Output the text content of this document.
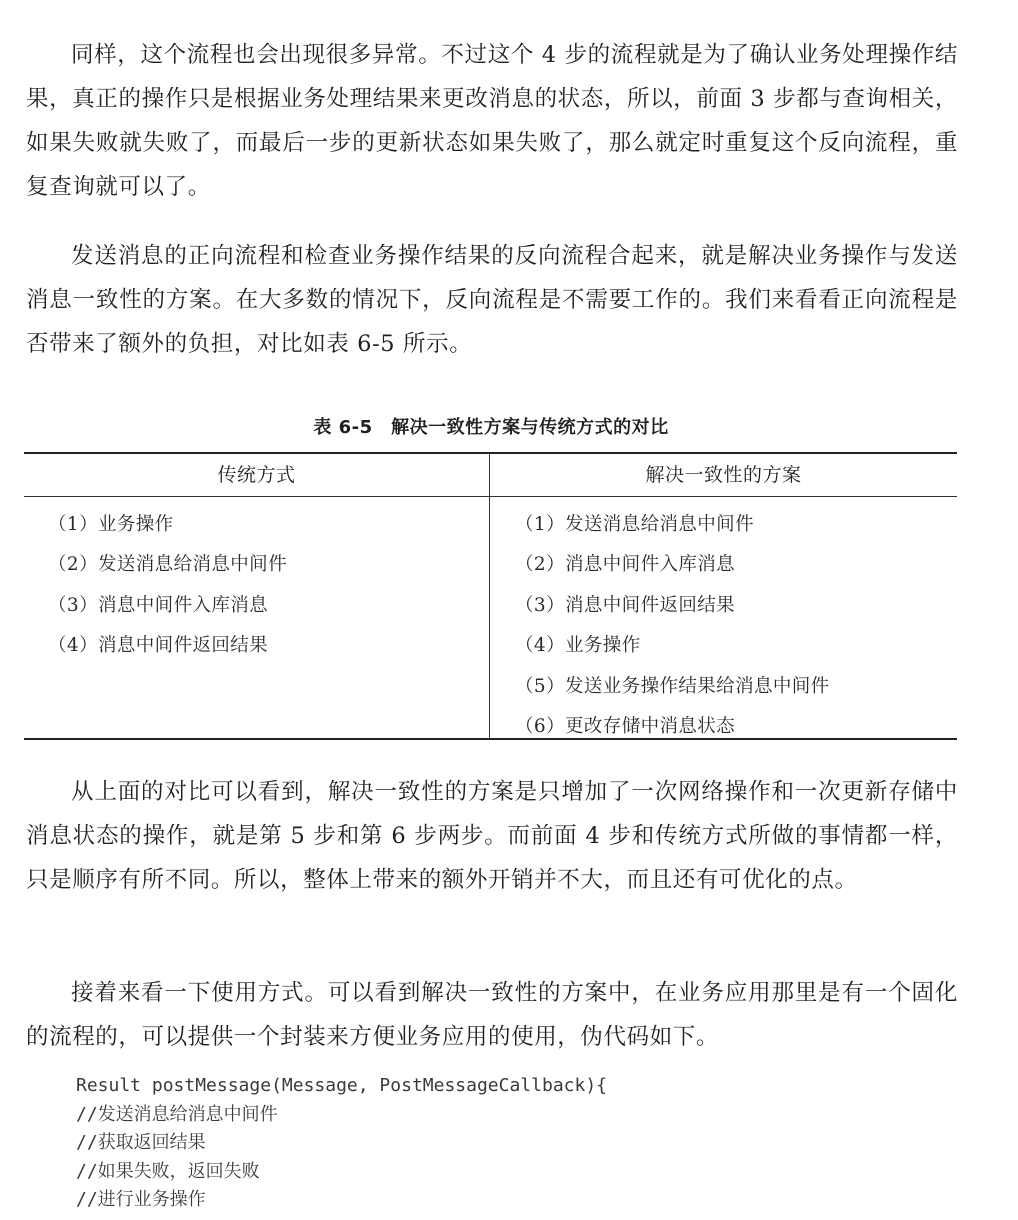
同样，这个流程也会出现很多异常。不过这个 4 步的流程就是为了确认业务处理操作结果，真正的操作只是根据业务处理结果来更改消息的状态，所以，前面 3 步都与查询相关，如果失败就失败了，而最后一步的更新状态如果失败了，那么就定时重复这个反向流程，重复查询就可以了。

发送消息的正向流程和检查业务操作结果的反向流程合起来，就是解决业务操作与发送消息一致性的方案。在大多数的情况下，反向流程是不需要工作的。我们来看看正向流程是否带来了额外的负担，对比如表 6-5 所示。

表 6-5　解决一致性方案与传统方式的对比
传统方式
（1）业务操作
（2）发送消息给消息中间件
（3）消息中间件入库消息
（4）消息中间件返回结果
解决一致性的方案
（1）发送消息给消息中间件
（2）消息中间件入库消息
（3）消息中间件返回结果
（4）业务操作
（5）发送业务操作结果给消息中间件
（6）更改存储中消息状态

从上面的对比可以看到，解决一致性的方案是只增加了一次网络操作和一次更新存储中消息状态的操作，就是第 5 步和第 6 步两步。而前面 4 步和传统方式所做的事情都一样，只是顺序有所不同。所以，整体上带来的额外开销并不大，而且还有可优化的点。

接着来看一下使用方式。可以看到解决一致性的方案中，在业务应用那里是有一个固化的流程的，可以提供一个封装来方便业务应用的使用，伪代码如下。

Result postMessage(Message, PostMessageCallback){
//发送消息给消息中间件
//获取返回结果
//如果失败，返回失败
//进行业务操作
